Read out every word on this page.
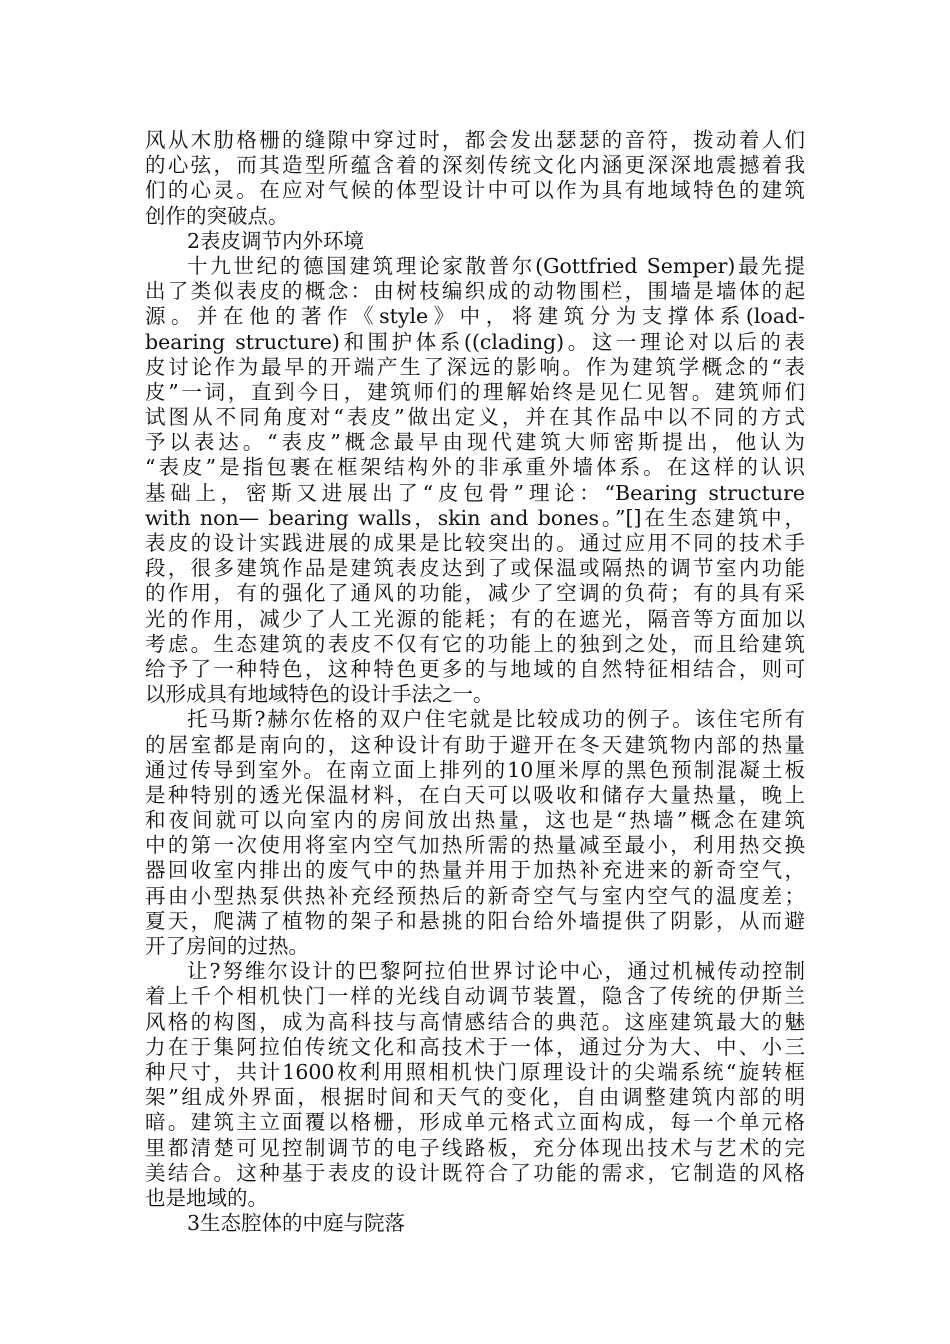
风从木肋格栅的缝隙中穿过时，都会发出瑟瑟的音符，拨动着人们
的心弦，而其造型所蕴含着的深刻传统文化内涵更深深地震撼着我
们的心灵。在应对气候的体型设计中可以作为具有地域特色的建筑
创作的突破点。
2表皮调节内外环境
十九世纪的德国建筑理论家散普尔(Gottfried Semper)最先提
出了类似表皮的概念：由树枝编织成的动物围栏，围墙是墙体的起
源。并在他的著作《style》中，将建筑分为支撑体系(load-
bearing structure)和围护体系((clading)。这一理论对以后的表
皮讨论作为最早的开端产生了深远的影响。作为建筑学概念的“表
皮”一词，直到今日，建筑师们的理解始终是见仁见智。建筑师们
试图从不同角度对“表皮”做出定义，并在其作品中以不同的方式
予以表达。“表皮”概念最早由现代建筑大师密斯提出，他认为
“表皮”是指包裹在框架结构外的非承重外墙体系。在这样的认识
基础上，密斯又进展出了“皮包骨”理论：“Bearing structure
with non— bearing walls，skin and bones。”[]在生态建筑中，
表皮的设计实践进展的成果是比较突出的。通过应用不同的技术手
段，很多建筑作品是建筑表皮达到了或保温或隔热的调节室内功能
的作用，有的强化了通风的功能，减少了空调的负荷；有的具有采
光的作用，减少了人工光源的能耗；有的在遮光，隔音等方面加以
考虑。生态建筑的表皮不仅有它的功能上的独到之处，而且给建筑
给予了一种特色，这种特色更多的与地域的自然特征相结合，则可
以形成具有地域特色的设计手法之一。
托马斯?赫尔佐格的双户住宅就是比较成功的例子。该住宅所有
的居室都是南向的，这种设计有助于避开在冬天建筑物内部的热量
通过传导到室外。在南立面上排列的10厘米厚的黑色预制混凝土板
是种特别的透光保温材料，在白天可以吸收和储存大量热量，晚上
和夜间就可以向室内的房间放出热量，这也是“热墙”概念在建筑
中的第一次使用将室内空气加热所需的热量减至最小，利用热交换
器回收室内排出的废气中的热量并用于加热补充进来的新奇空气，
再由小型热泵供热补充经预热后的新奇空气与室内空气的温度差；
夏天，爬满了植物的架子和悬挑的阳台给外墙提供了阴影，从而避
开了房间的过热。
让?努维尔设计的巴黎阿拉伯世界讨论中心，通过机械传动控制
着上千个相机快门一样的光线自动调节装置，隐含了传统的伊斯兰
风格的构图，成为高科技与高情感结合的典范。这座建筑最大的魅
力在于集阿拉伯传统文化和高技术于一体，通过分为大、中、小三
种尺寸，共计1600枚利用照相机快门原理设计的尖端系统“旋转框
架”组成外界面，根据时间和天气的变化，自由调整建筑内部的明
暗。建筑主立面覆以格栅，形成单元格式立面构成，每一个单元格
里都清楚可见控制调节的电子线路板，充分体现出技术与艺术的完
美结合。这种基于表皮的设计既符合了功能的需求，它制造的风格
也是地域的。
3生态腔体的中庭与院落
